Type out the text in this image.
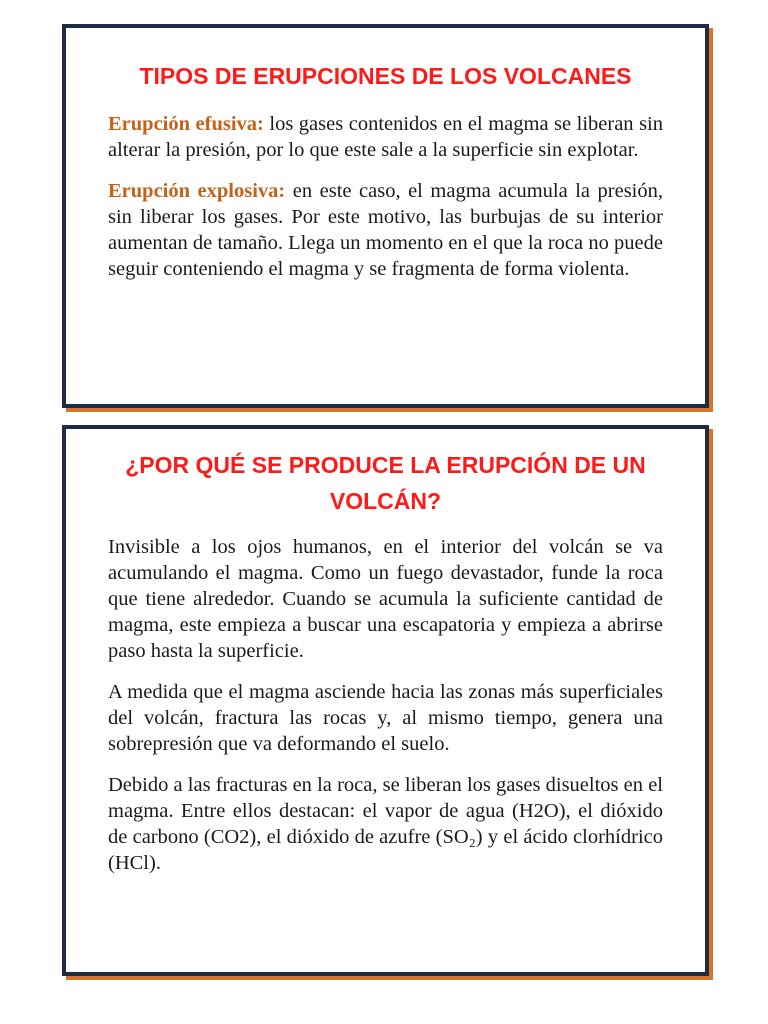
TIPOS DE ERUPCIONES DE LOS VOLCANES

Erupción efusiva: los gases contenidos en el magma se liberan sin alterar la presión, por lo que este sale a la superficie sin explotar.

Erupción explosiva: en este caso, el magma acumula la presión, sin liberar los gases. Por este motivo, las burbujas de su interior aumentan de tamaño. Llega un momento en el que la roca no puede seguir conteniendo el magma y se fragmenta de forma violenta.

¿POR QUÉ SE PRODUCE LA ERUPCIÓN DE UN VOLCÁN?

Invisible a los ojos humanos, en el interior del volcán se va acumulando el magma. Como un fuego devastador, funde la roca que tiene alrededor. Cuando se acumula la suficiente cantidad de magma, este empieza a buscar una escapatoria y empieza a abrirse paso hasta la superficie.

A medida que el magma asciende hacia las zonas más superficiales del volcán, fractura las rocas y, al mismo tiempo, genera una sobrepresión que va deformando el suelo.

Debido a las fracturas en la roca, se liberan los gases disueltos en el magma. Entre ellos destacan: el vapor de agua (H2O), el dióxido de carbono (CO2), el dióxido de azufre (SO₂) y el ácido clorhídrico (HCl).
